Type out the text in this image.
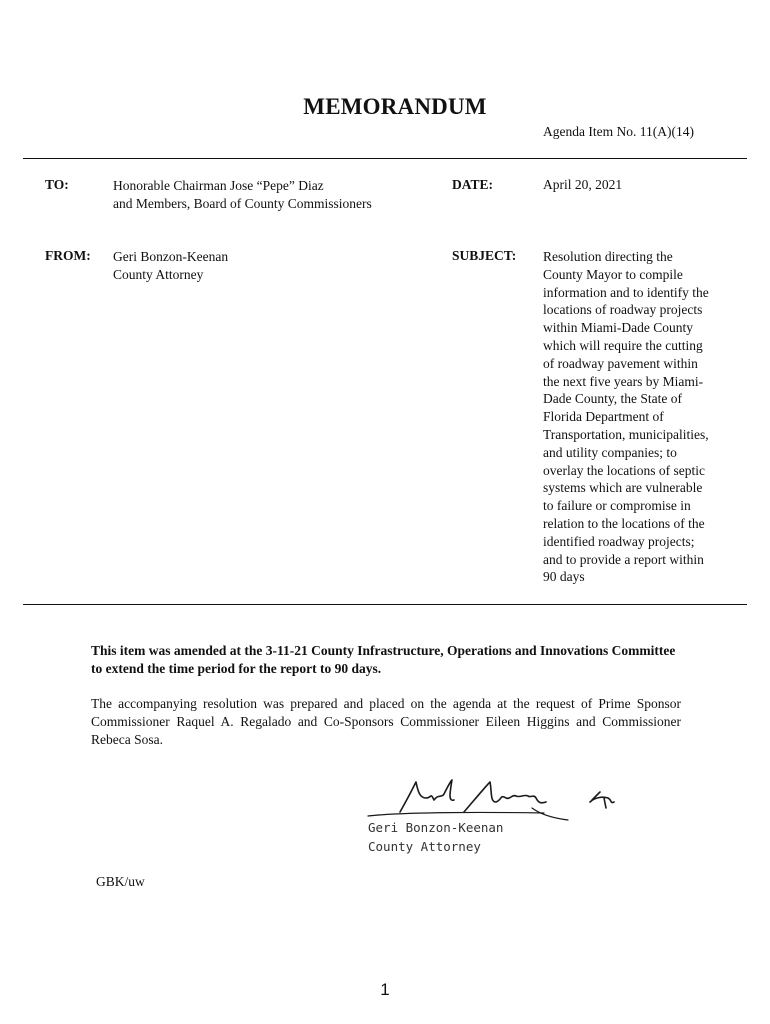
MEMORANDUM
Agenda Item No. 11(A)(14)
TO:	Honorable Chairman Jose “Pepe” Diaz
and Members, Board of County Commissioners
DATE:	April 20, 2021
FROM: Geri Bonzon-Keenan
County Attorney
SUBJECT: Resolution directing the
County Mayor to compile
information and to identify the
locations of roadway projects
within Miami-Dade County
which will require the cutting
of roadway pavement within
the next five years by Miami-
Dade County, the State of
Florida Department of
Transportation, municipalities,
and utility companies; to
overlay the locations of septic
systems which are vulnerable
to failure or compromise in
relation to the locations of the
identified roadway projects;
and to provide a report within
90 days
This item was amended at the 3-11-21 County Infrastructure, Operations and Innovations Committee to extend the time period for the report to 90 days.
The accompanying resolution was prepared and placed on the agenda at the request of Prime Sponsor Commissioner Raquel A. Regalado and Co-Sponsors Commissioner Eileen Higgins and Commissioner Rebeca Sosa.
Geri Bonzon-Keenan
County Attorney
GBK/uw
1
